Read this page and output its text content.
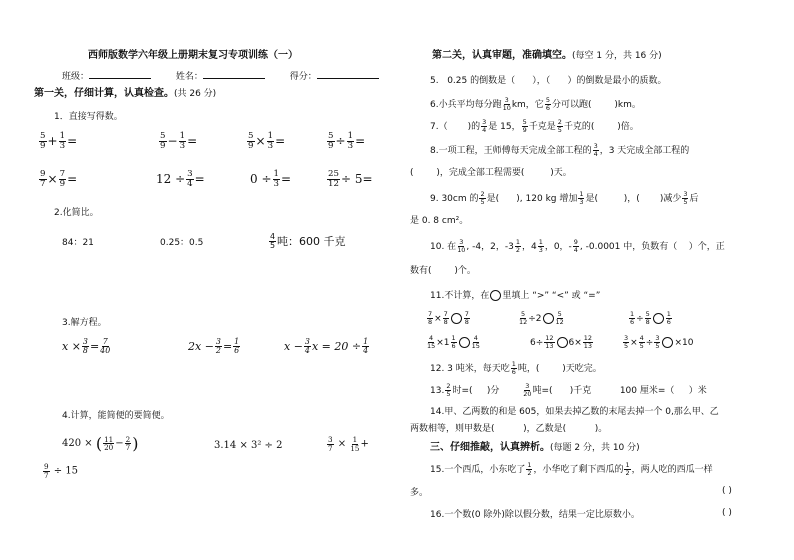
西师版数学六年级上册期末复习专项训练（一）
班级：	姓名：	得分：
第一关，仔细计算，认真检查。(共 26 分)
1．直接写得数。
$\frac{5}{9} + \frac{1}{3}$ =	$\frac{5}{9} - \frac{1}{3}$ =	$\frac{5}{9} \times \frac{1}{3}$ =	$\frac{5}{9} \div \frac{1}{3}$ =
$\frac{9}{7} \times \frac{7}{9}$ =	$12 \div \frac{3}{4}$ =	$0 \div \frac{1}{3}$ =	$\frac{25}{12} \div 5=$
2.化简比。
84：21	0.25：0.5	$\frac{4}{5}$ 吨：600 千克
3.解方程。
$x \times \frac{3}{8} = \frac{7}{40}$	$2x - \frac{3}{2} = \frac{1}{6}$	$x - \frac{3}{4}$ $x = 20 \div \frac{1}{4}$
4.计算，能简便的要简便。
420 × ( $\frac{11}{20} - \frac{2}{7}$ )	3.14 × 3² ÷ 2	$\frac{3}{7} \times \frac{1}{15}$ +
$\frac{9}{7} \div 15$
第二关，认真审题，准确填空。(每空 1 分，共 16 分)
5. 0.25 的倒数是（ ），（ ）的倒数是最小的质数。
6.小兵平均每分跑 $\frac{3}{10}$ km，它 $\frac{5}{6}$ 分可以跑(	)km。
7.（ )的 $\frac{3}{4}$ 是 15， $\frac{5}{9}$ 千克是 $\frac{2}{5}$ 千克的(	)倍。
8.一项工程，王师傅每天完成全部工程的 $\frac{3}{4}$ ，3 天完成全部工程的
(	)，完成全部工程需要(	)天。
9. 30cm 的 $\frac{2}{5}$ 是( ), 120 kg 增加 $\frac{1}{3}$ 是(	)，( )减少 $\frac{3}{5}$ 后
是 0. 8 cm²。
10. 在 $\frac{3}{10}$ , -4，2，$-3 \frac{1}{2}$ ，$4 \frac{1}{3}$ ，0，- $\frac{9}{4}$ , -0.0001 中，负数有（ ）个，正
数有(	)个。
11.不计算，在 里填上 “>” “<” 或 “=”
$\frac{7}{8} \times \frac{7}{8} \frac{7}{8}$	$\frac{5}{12} \div 2 \frac{5}{12}$	$\frac{1}{6} \div \frac{5}{8} \frac{1}{6}$
$\frac{4}{15} \times 1 \frac{1}{6} \frac{4}{15}$	$6\div \frac{12}{13} 6\times \frac{12}{13}$	$\frac{3}{5} \times \frac{4}{5} \div \frac{3}{5} \times 10$
12. 3 吨米，每天吃 $\frac{1}{6}$ 吨，(	)天吃完。
13. $\frac{2}{5}$ 时=( )分	$\frac{3}{20}$ 吨=( )千克	100 厘米=（ ）米
14.甲、乙两数的和是 605，如果去掉乙数的末尾去掉一个 0,那么甲、乙
两数相等，则甲数是(	)，乙数是(	)。
三、仔细推敲，认真辨析。(每题 2 分，共 10 分)
15.一个西瓜，小东吃了 $\frac{1}{2}$ ，小华吃了剩下西瓜的 $\frac{1}{2}$ ，两人吃的西瓜一样
多。	( )
16.一个数(0 除外)除以假分数，结果一定比原数小。	( )
